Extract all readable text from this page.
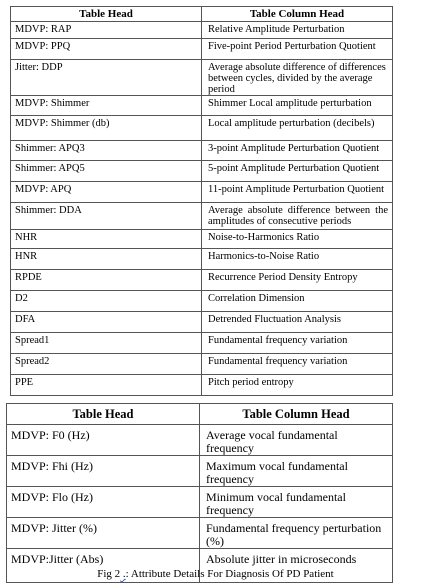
Table Head	Table Column Head
MDVP: RAP	Relative Amplitude Perturbation
MDVP: PPQ	Five-point Period Perturbation Quotient
Jitter: DDP	Average absolute difference of differences between cycles, divided by the average period
MDVP: Shimmer	Shimmer Local amplitude perturbation
MDVP: Shimmer (db)	Local amplitude perturbation (decibels)
Shimmer: APQ3	3-point Amplitude Perturbation Quotient
Shimmer: APQ5	5-point Amplitude Perturbation Quotient
MDVP: APQ	11-point Amplitude Perturbation Quotient
Shimmer: DDA	Average absolute difference between the amplitudes of consecutive periods
NHR	Noise-to-Harmonics Ratio
HNR	Harmonics-to-Noise Ratio
RPDE	Recurrence Period Density Entropy
D2	Correlation Dimension
DFA	Detrended Fluctuation Analysis
Spread1	Fundamental frequency variation
Spread2	Fundamental frequency variation
PPE	Pitch period entropy
Table Head	Table Column Head
MDVP: F0 (Hz)	Average vocal fundamental frequency
MDVP: Fhi (Hz)	Maximum vocal fundamental frequency
MDVP: Flo (Hz)	Minimum vocal fundamental frequency
MDVP: Jitter (%)	Fundamental frequency perturbation (%)
MDVP:Jitter (Abs)	Absolute jitter in microseconds
Fig 2 .: Attribute Details For Diagnosis Of PD Patient
